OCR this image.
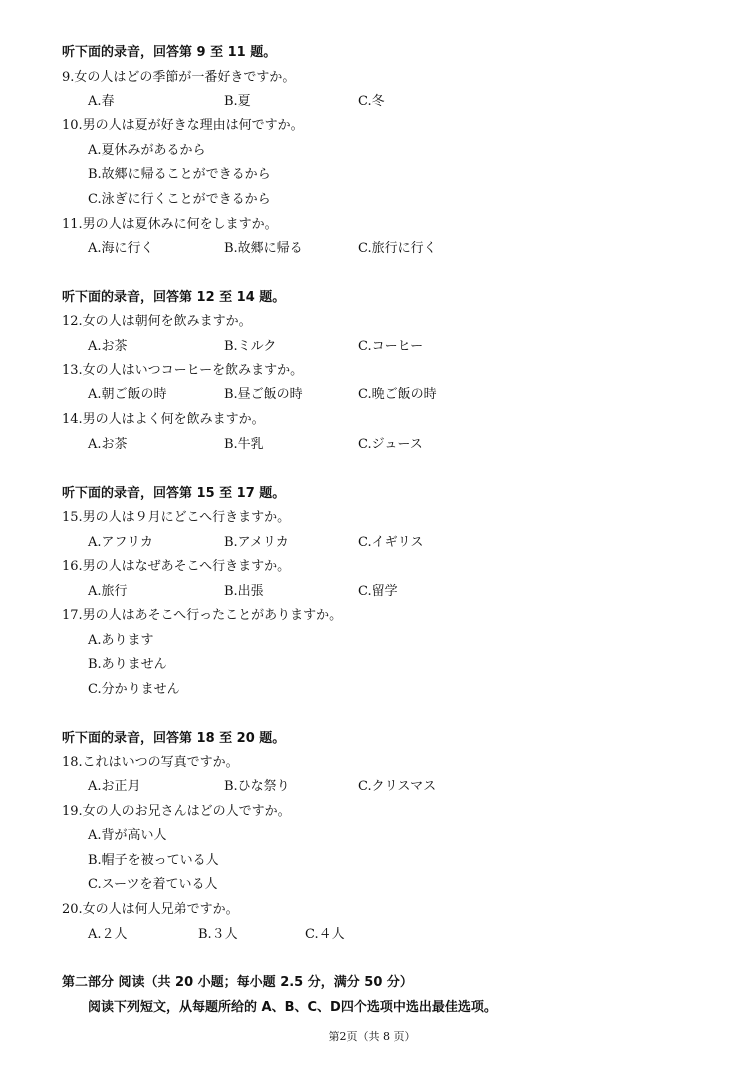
听下面的录音，回答第 9 至 11 题。
9.女の人はどの季節が一番好きですか。
A.春	B.夏	C.冬
10.男の人は夏が好きな理由は何ですか。
A.夏休みがあるから
B.故郷に帰ることができるから
C.泳ぎに行くことができるから
11.男の人は夏休みに何をしますか。
A.海に行く	B.故郷に帰る	C.旅行に行く
听下面的录音，回答第 12 至 14 题。
12.女の人は朝何を飲みますか。
A.お茶	B.ミルク	C.コーヒー
13.女の人はいつコーヒーを飲みますか。
A.朝ご飯の時	B.昼ご飯の時	C.晩ご飯の時
14.男の人はよく何を飲みますか。
A.お茶	B.牛乳	C.ジュース
听下面的录音，回答第 15 至 17 题。
15.男の人は９月にどこへ行きますか。
A.アフリカ	B.アメリカ	C.イギリス
16.男の人はなぜあそこへ行きますか。
A.旅行	B.出張	C.留学
17.男の人はあそこへ行ったことがありますか。
A.あります
B.ありません
C.分かりません
听下面的录音，回答第 18 至 20 题。
18.これはいつの写真ですか。
A.お正月	B.ひな祭り	C.クリスマス
19.女の人のお兄さんはどの人ですか。
A.背が高い人
B.帽子を被っている人
C.スーツを着ている人
20.女の人は何人兄弟ですか。
A.２人	B.３人	C.４人
第二部分 阅读（共 20 小题；每小题 2.5 分，满分 50 分）
阅读下列短文，从每题所给的 A、B、C、D四个选项中选出最佳选项。
第2页（共 8 页）
